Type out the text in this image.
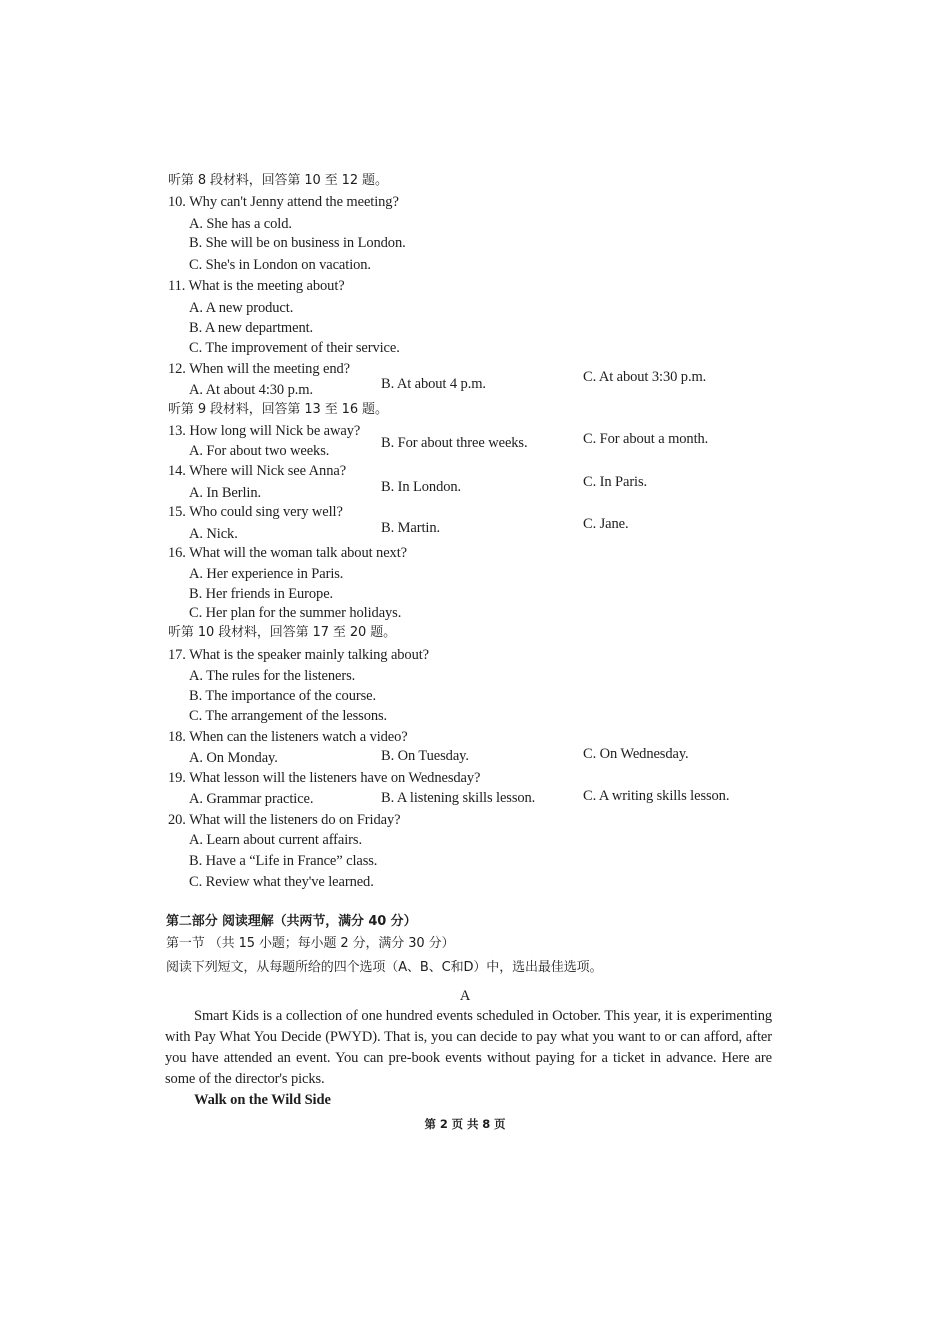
听第 8 段材料，回答第 10 至 12 题。
10. Why can't Jenny attend the meeting?
A. She has a cold.
B. She will be on business in London.
C. She's in London on vacation.
11. What is the meeting about?
A. A new product.
B. A new department.
C. The improvement of their service.
12. When will the meeting end?
A. At about 4:30 p.m.	B. At about 4 p.m.	C. At about 3:30 p.m.
听第 9 段材料，回答第 13 至 16 题。
13. How long will Nick be away?
A. For about two weeks.	B. For about three weeks.	C. For about a month.
14. Where will Nick see Anna?
A. In Berlin.	B. In London.	C. In Paris.
15. Who could sing very well?
A. Nick.	B. Martin.	C. Jane.
16. What will the woman talk about next?
A. Her experience in Paris.
B. Her friends in Europe.
C. Her plan for the summer holidays.
听第 10 段材料，回答第 17 至 20 题。
17. What is the speaker mainly talking about?
A. The rules for the listeners.
B. The importance of the course.
C. The arrangement of the lessons.
18. When can the listeners watch a video?
A. On Monday.	B. On Tuesday.	C. On Wednesday.
19. What lesson will the listeners have on Wednesday?
A. Grammar practice.	B. A listening skills lesson.	C. A writing skills lesson.
20. What will the listeners do on Friday?
A. Learn about current affairs.
B. Have a “Life in France” class.
C. Review what they've learned.
第二部分 阅读理解（共两节，满分 40 分）
第一节 （共 15 小题；每小题 2 分，满分 30 分）
阅读下列短文，从每题所给的四个选项（A、B、C和D）中，选出最佳选项。
A
Smart Kids is a collection of one hundred events scheduled in October. This year, it is experimenting with Pay What You Decide (PWYD). That is, you can decide to pay what you want to or can afford, after you have attended an event. You can pre-book events without paying for a ticket in advance. Here are some of the director's picks.
Walk on the Wild Side
第 2 页 共 8 页
